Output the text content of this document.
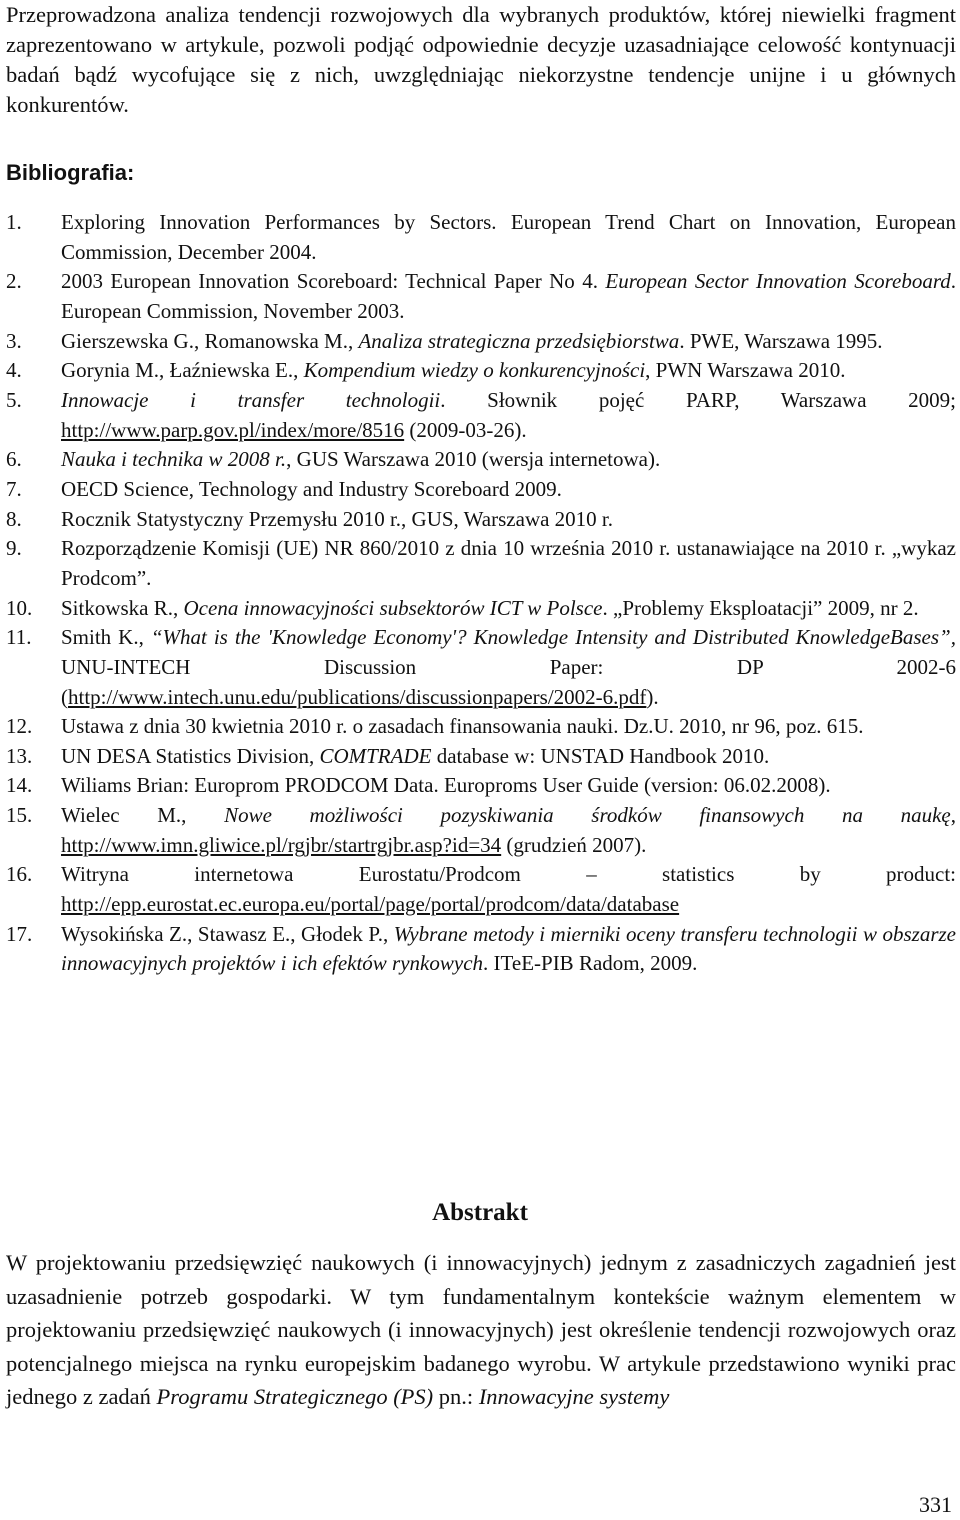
Przeprowadzona analiza tendencji rozwojowych dla wybranych produktów, której niewielki fragment zaprezentowano w artykule, pozwoli podjąć odpowiednie decyzje uzasadniające celowość kontynuacji badań bądź wycofujące się z nich, uwzględniając niekorzystne tendencje unijne i u głównych konkurentów.

Bibliografia:
1. Exploring Innovation Performances by Sectors. European Trend Chart on Innovation, European Commission, December 2004.
2. 2003 European Innovation Scoreboard: Technical Paper No 4. European Sector Innovation Scoreboard. European Commission, November 2003.
3. Gierszewska G., Romanowska M., Analiza strategiczna przedsiębiorstwa. PWE, Warszawa 1995.
4. Gorynia M., Łaźniewska E., Kompendium wiedzy o konkurencyjności, PWN Warszawa 2010.
5. Innowacje i transfer technologii. Słownik pojęć PARP, Warszawa 2009; http://www.parp.gov.pl/index/more/8516 (2009-03-26).
6. Nauka i technika w 2008 r., GUS Warszawa 2010 (wersja internetowa).
7. OECD Science, Technology and Industry Scoreboard 2009.
8. Rocznik Statystyczny Przemysłu 2010 r., GUS, Warszawa 2010 r.
9. Rozporządzenie Komisji (UE) NR 860/2010 z dnia 10 września 2010 r. ustanawiające na 2010 r. „wykaz Prodcom”.
10. Sitkowska R., Ocena innowacyjności subsektorów ICT w Polsce. „Problemy Eksploatacji” 2009, nr 2.
11. Smith K., “What is the 'Knowledge Economy'? Knowledge Intensity and Distributed KnowledgeBases”, UNU-INTECH Discussion Paper: DP 2002-6 (http://www.intech.unu.edu/publications/discussionpapers/2002-6.pdf).
12. Ustawa z dnia 30 kwietnia 2010 r. o zasadach finansowania nauki. Dz.U. 2010, nr 96, poz. 615.
13. UN DESA Statistics Division, COMTRADE database w: UNSTAD Handbook 2010.
14. Wiliams Brian: Europrom PRODCOM Data. Europroms User Guide (version: 06.02.2008).
15. Wielec M., Nowe możliwości pozyskiwania środków finansowych na naukę, http://www.imn.gliwice.pl/rgjbr/startrgjbr.asp?id=34 (grudzień 2007).
16. Witryna internetowa Eurostatu/Prodcom – statistics by product: http://epp.eurostat.ec.europa.eu/portal/page/portal/prodcom/data/database
17. Wysokińska Z., Stawasz E., Głodek P., Wybrane metody i mierniki oceny transferu technologii w obszarze innowacyjnych projektów i ich efektów rynkowych. ITeE-PIB Radom, 2009.
Abstrakt

W projektowaniu przedsięwzięć naukowych (i innowacyjnych) jednym z zasadniczych zagadnień jest uzasadnienie potrzeb gospodarki. W tym fundamentalnym kontekście ważnym elementem w projektowaniu przedsięwzięć naukowych (i innowacyjnych) jest określenie tendencji rozwojowych oraz potencjalnego miejsca na rynku europejskim badanego wyrobu. W artykule przedstawiono wyniki prac jednego z zadań Programu Strategicznego (PS) pn.: Innowacyjne systemy

331
